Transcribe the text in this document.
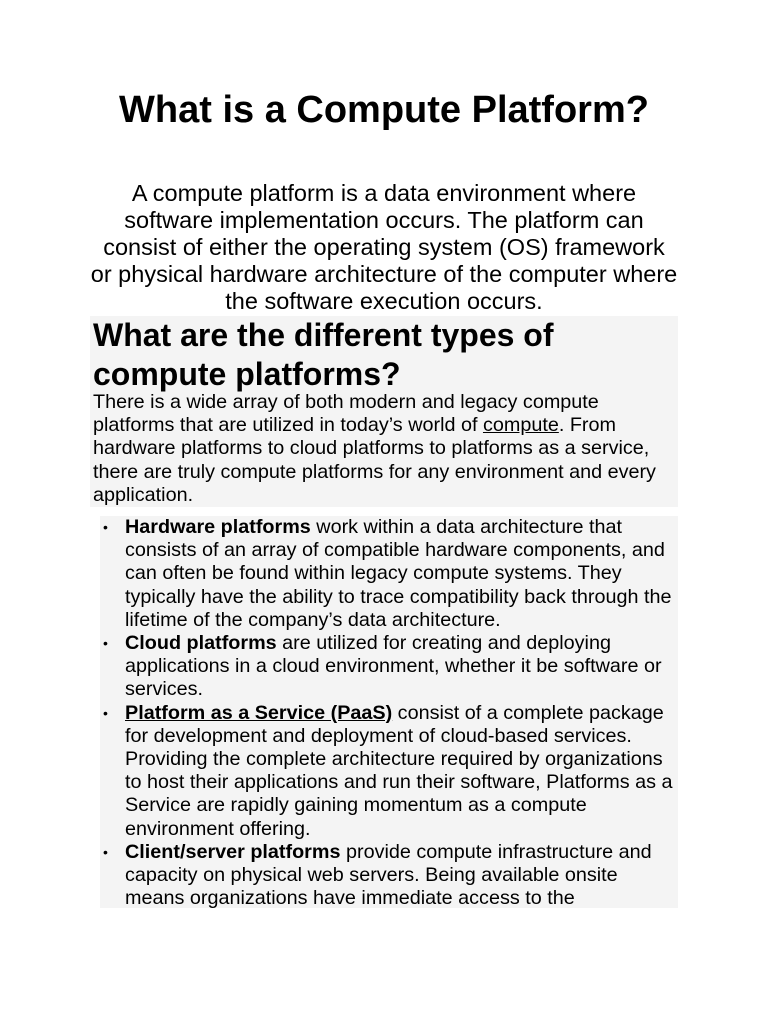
What is a Compute Platform?

A compute platform is a data environment where software implementation occurs. The platform can consist of either the operating system (OS) framework or physical hardware architecture of the computer where the software execution occurs.

What are the different types of compute platforms?

There is a wide array of both modern and legacy compute platforms that are utilized in today’s world of compute. From hardware platforms to cloud platforms to platforms as a service, there are truly compute platforms for any environment and every application.

• Hardware platforms work within a data architecture that consists of an array of compatible hardware components, and can often be found within legacy compute systems. They typically have the ability to trace compatibility back through the lifetime of the company’s data architecture.
• Cloud platforms are utilized for creating and deploying applications in a cloud environment, whether it be software or services.
• Platform as a Service (PaaS) consist of a complete package for development and deployment of cloud-based services. Providing the complete architecture required by organizations to host their applications and run their software, Platforms as a Service are rapidly gaining momentum as a compute environment offering.
• Client/server platforms provide compute infrastructure and capacity on physical web servers. Being available onsite means organizations have immediate access to the
